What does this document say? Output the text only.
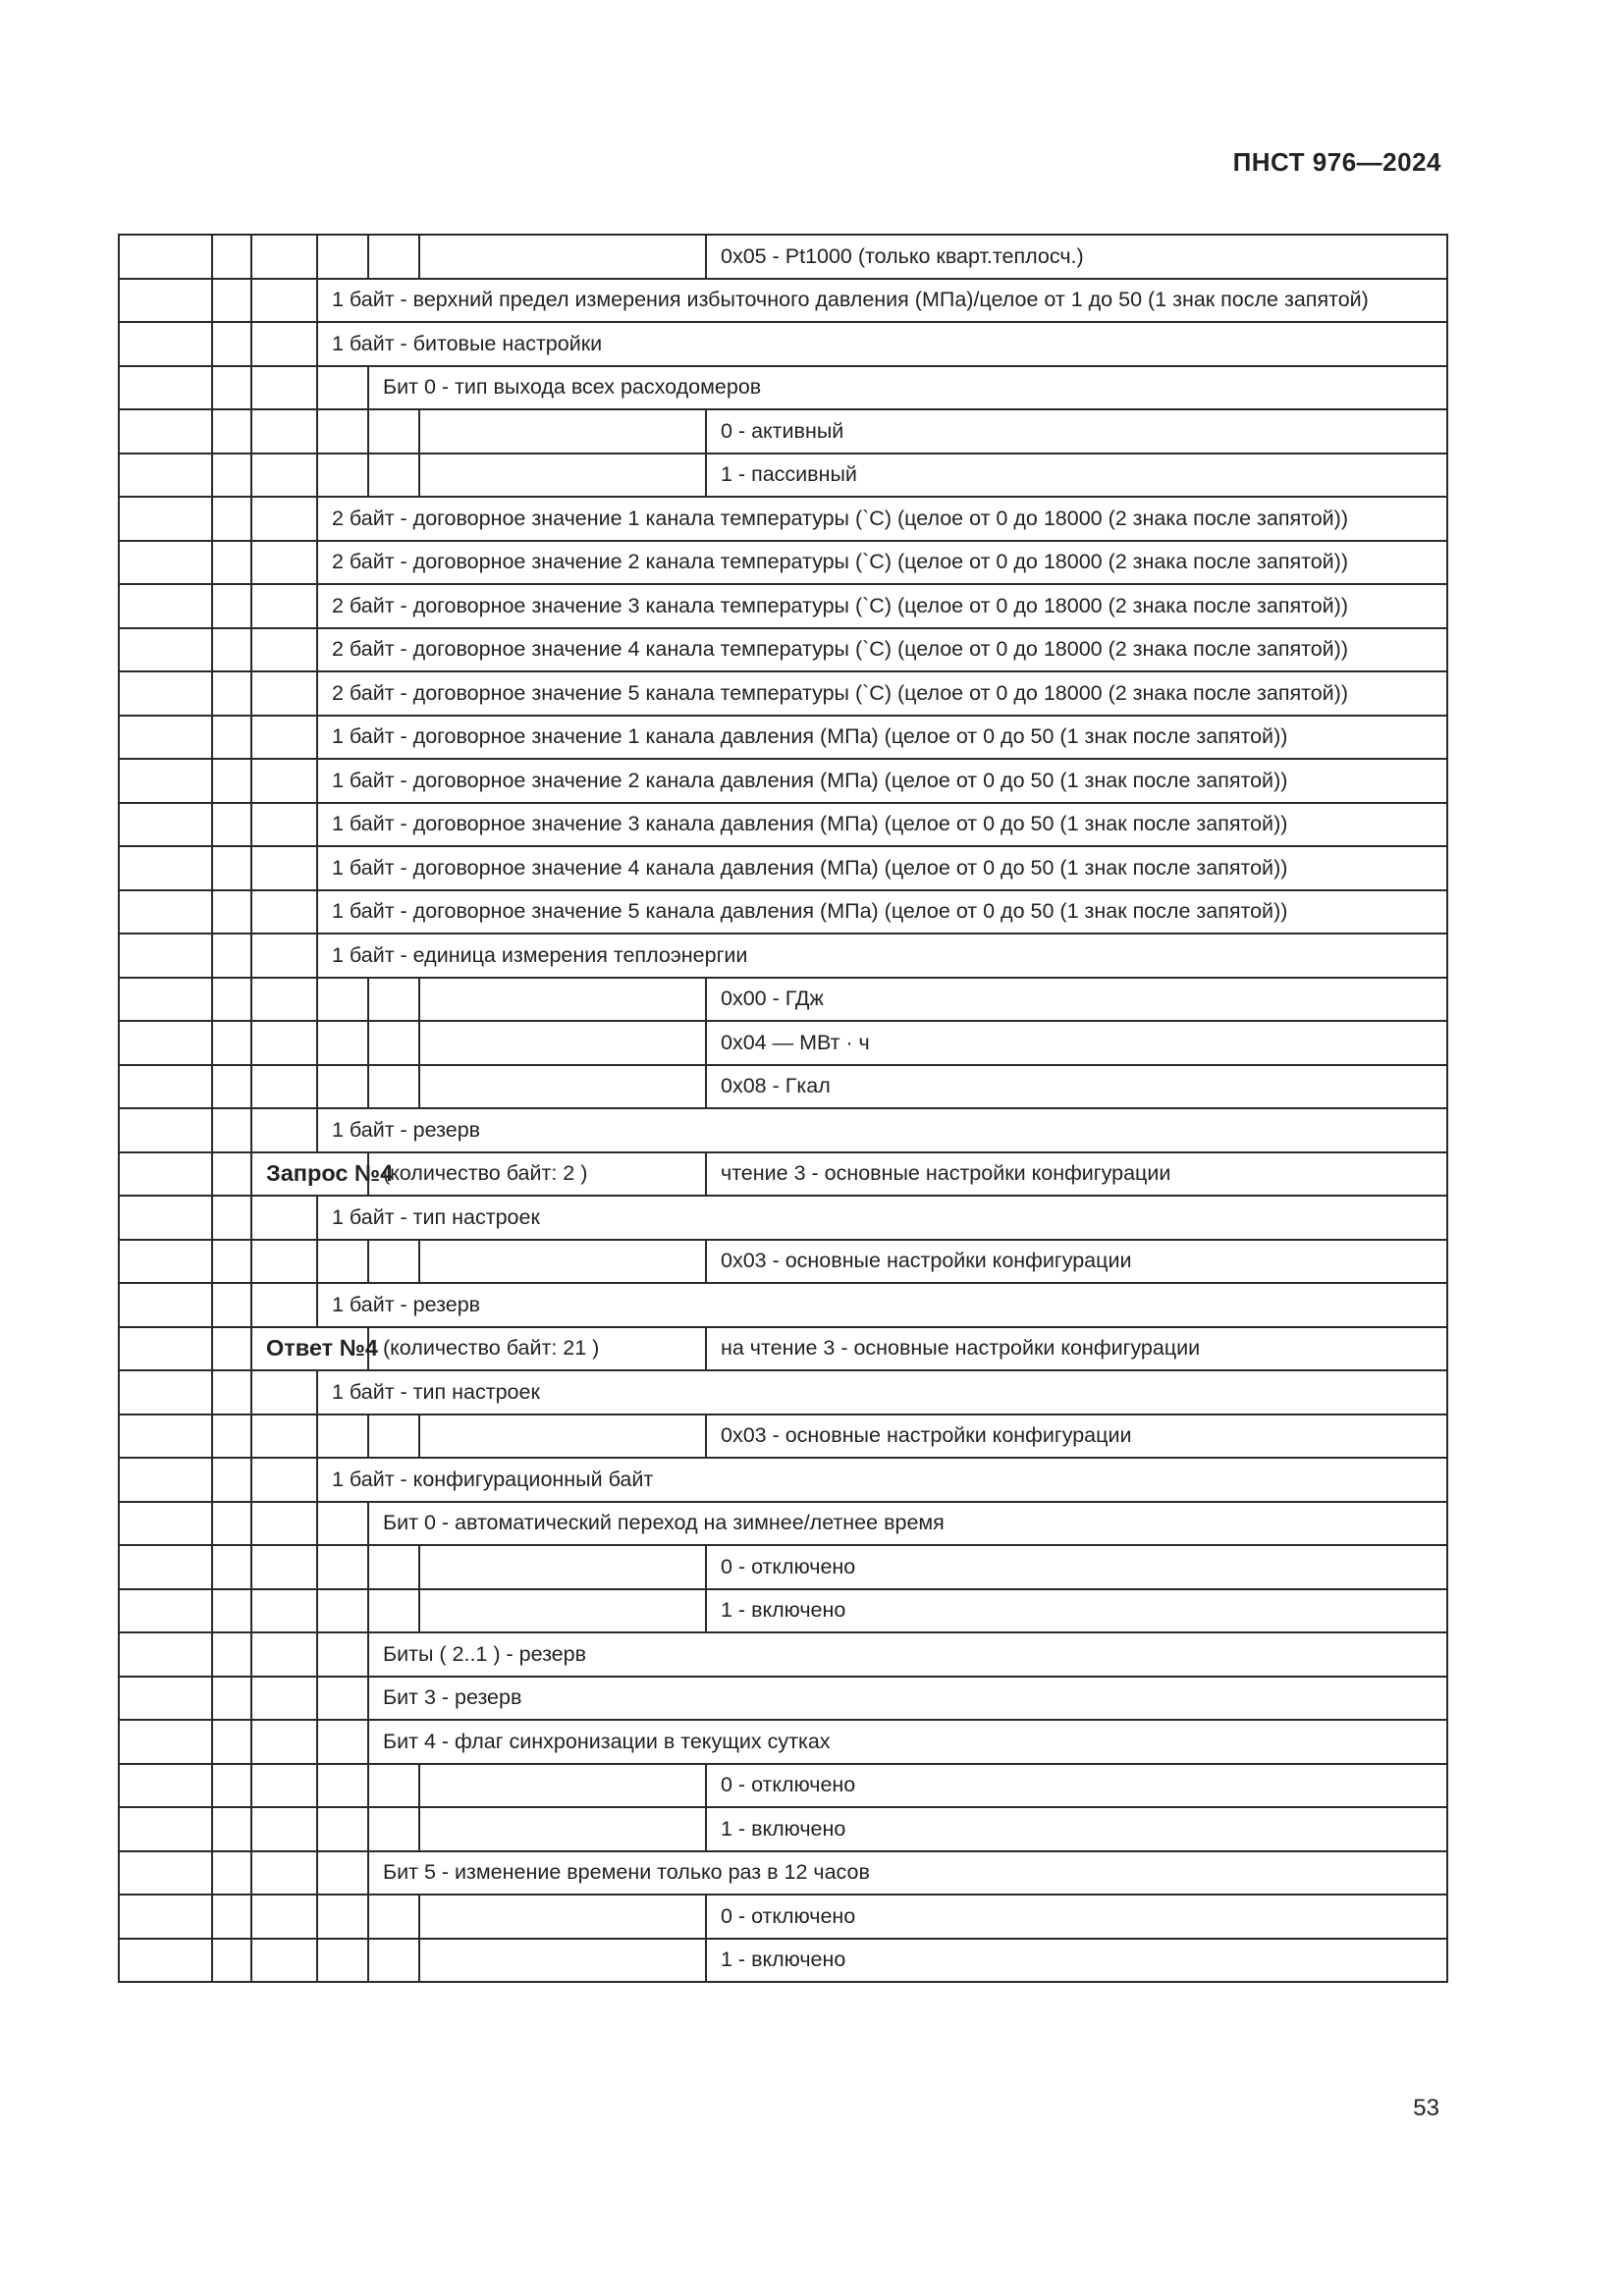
ПНСТ 976—2024
						0x05 - Pt1000 (только кварт.теплосч.)
			1 байт - верхний предел измерения избыточного давления (МПа)/целое от 1 до 50 (1 знак после запятой)			
			1 байт - битовые настройки			
				Бит 0 - тип выхода всех расходомеров		
						0 - активный
						1 - пассивный
			2 байт - договорное значение 1 канала температуры (`C) (целое от 0 до 18000 (2 знака после запятой))			
			2 байт - договорное значение 2 канала температуры (`C) (целое от 0 до 18000 (2 знака после запятой))			
			2 байт - договорное значение 3 канала температуры (`C) (целое от 0 до 18000 (2 знака после запятой))			
			2 байт - договорное значение 4 канала температуры (`C) (целое от 0 до 18000 (2 знака после запятой))			
			2 байт - договорное значение 5 канала температуры (`C) (целое от 0 до 18000 (2 знака после запятой))			
			1 байт - договорное значение 1 канала давления (МПа) (целое от 0 до 50 (1 знак после запятой))			
			1 байт - договорное значение 2 канала давления (МПа) (целое от 0 до 50 (1 знак после запятой))			
			1 байт - договорное значение 3 канала давления (МПа) (целое от 0 до 50 (1 знак после запятой))			
			1 байт - договорное значение 4 канала давления (МПа) (целое от 0 до 50 (1 знак после запятой))			
			1 байт - договорное значение 5 канала давления (МПа) (целое от 0 до 50 (1 знак после запятой))			
			1 байт - единица измерения теплоэнергии			
						0x00 - ГДж
						0x04 — МВт · ч
						0x08 - Гкал
			1 байт - резерв			
		Запрос №4		(количество байт: 2 )		чтение 3 - основные настройки конфигурации
			1 байт - тип настроек			
						0x03 - основные настройки конфигурации
			1 байт - резерв			
		Ответ №4		(количество байт: 21 )		на чтение 3 - основные настройки конфигурации
			1 байт - тип настроек			
						0x03 - основные настройки конфигурации
			1 байт - конфигурационный байт			
				Бит 0 - автоматический переход на зимнее/летнее время		
						0 - отключено
						1 - включено
				Биты ( 2..1 ) - резерв		
				Бит 3 - резерв		
				Бит 4 - флаг синхронизации в текущих сутках		
						0 - отключено
						1 - включено
				Бит 5 - изменение времени только раз в 12 часов		
						0 - отключено
						1 - включено
53
